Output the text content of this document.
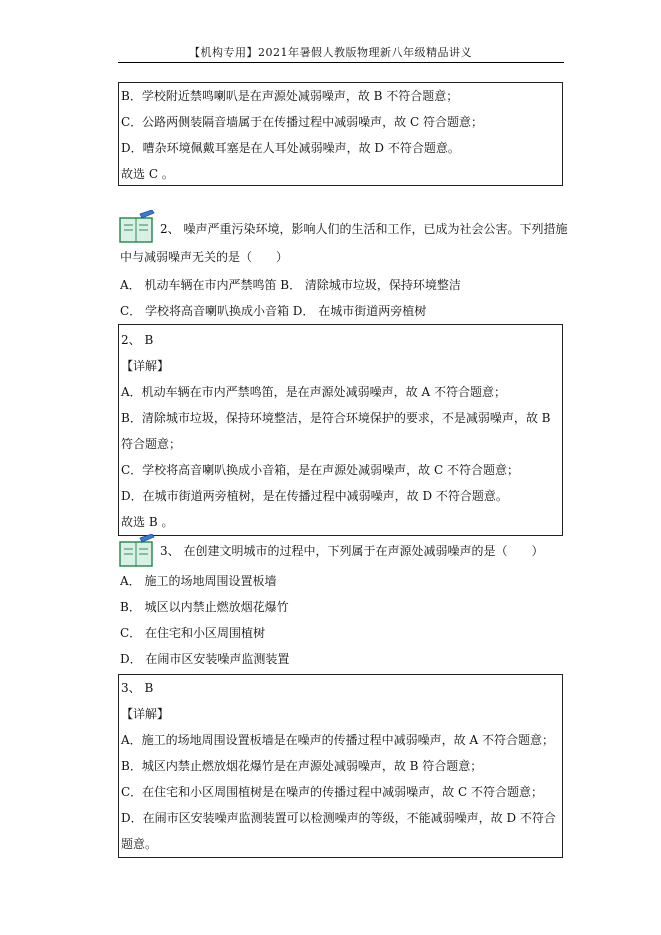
【机构专用】2021年暑假人教版物理新八年级精品讲义
B．学校附近禁鸣喇叭是在声源处减弱噪声，故 B 不符合题意；
C．公路两侧装隔音墙属于在传播过程中减弱噪声，故 C 符合题意；
D．嘈杂环境佩戴耳塞是在人耳处减弱噪声，故 D 不符合题意。
故选 C 。
2、 噪声严重污染环境，影响人们的生活和工作，已成为社会公害。下列措施
中与减弱噪声无关的是（　　）
A． 机动车辆在市内严禁鸣笛 B． 清除城市垃圾，保持环境整洁
C． 学校将高音喇叭换成小音箱 D． 在城市街道两旁植树
2、 B
【详解】
A．机动车辆在市内严禁鸣笛，是在声源处减弱噪声，故 A 不符合题意；
B．清除城市垃圾，保持环境整洁，是符合环境保护的要求，不是减弱噪声，故 B
符合题意；
C．学校将高音喇叭换成小音箱，是在声源处减弱噪声，故 C 不符合题意；
D．在城市街道两旁植树，是在传播过程中减弱噪声，故 D 不符合题意。
故选 B 。
3、 在创建文明城市的过程中，下列属于在声源处减弱噪声的是（　　）
A． 施工的场地周围设置板墙
B． 城区以内禁止燃放烟花爆竹
C． 在住宅和小区周围植树
D． 在闹市区安装噪声监测装置
3、 B
【详解】
A．施工的场地周围设置板墙是在噪声的传播过程中减弱噪声，故 A 不符合题意；
B．城区内禁止燃放烟花爆竹是在声源处减弱噪声，故 B 符合题意；
C．在住宅和小区周围植树是在噪声的传播过程中减弱噪声，故 C 不符合题意；
D．在闹市区安装噪声监测装置可以检测噪声的等级，不能减弱噪声，故 D 不符合
题意。
